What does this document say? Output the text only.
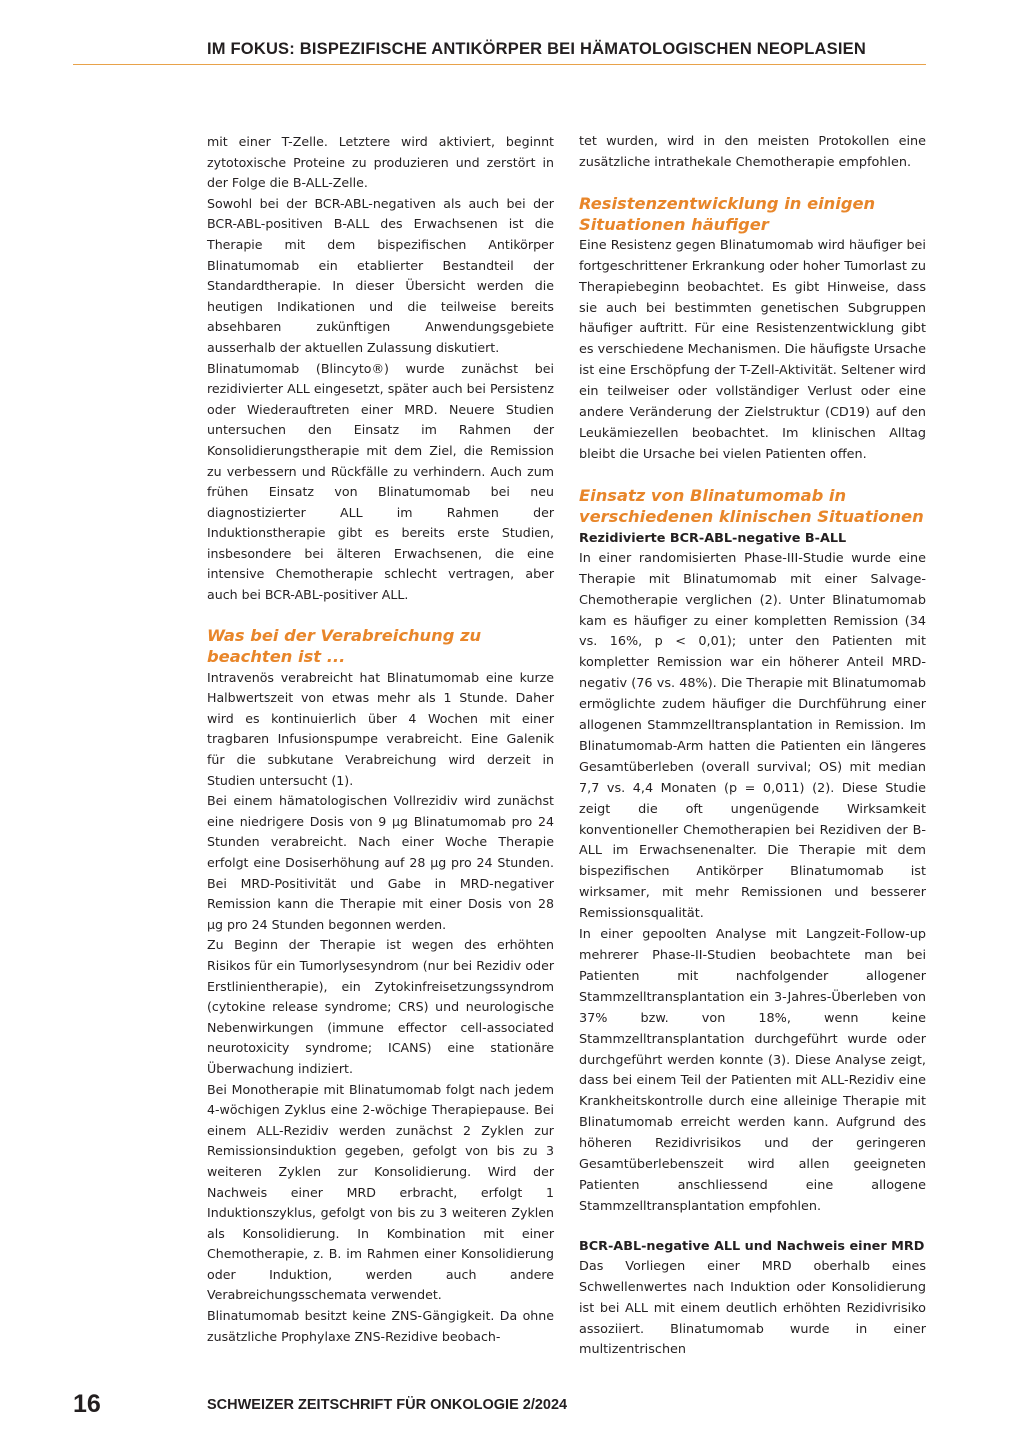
IM FOKUS: BISPEZIFISCHE ANTIKÖRPER BEI HÄMATOLOGISCHEN NEOPLASIEN

mit einer T-Zelle. Letztere wird aktiviert, beginnt zytotoxische Proteine zu produzieren und zerstört in der Folge die B-ALL-Zelle.

Sowohl bei der BCR-ABL-negativen als auch bei der BCR-ABL-positiven B-ALL des Erwachsenen ist die Therapie mit dem bispezifischen Antikörper Blinatumomab ein etablierter Bestandteil der Standardtherapie. In dieser Übersicht werden die heutigen Indikationen und die teilweise bereits absehbaren zukünftigen Anwendungsgebiete ausserhalb der aktuellen Zulassung diskutiert.

Blinatumomab (Blincyto®) wurde zunächst bei rezidivierter ALL eingesetzt, später auch bei Persistenz oder Wiederauftreten einer MRD. Neuere Studien untersuchen den Einsatz im Rahmen der Konsolidierungstherapie mit dem Ziel, die Remission zu verbessern und Rückfälle zu verhindern. Auch zum frühen Einsatz von Blinatumomab bei neu diagnostizierter ALL im Rahmen der Induktionstherapie gibt es bereits erste Studien, insbesondere bei älteren Erwachsenen, die eine intensive Chemotherapie schlecht vertragen, aber auch bei BCR-ABL-positiver ALL.

Was bei der Verabreichung zu beachten ist ...

Intravenös verabreicht hat Blinatumomab eine kurze Halbwertszeit von etwas mehr als 1 Stunde. Daher wird es kontinuierlich über 4 Wochen mit einer tragbaren Infusionspumpe verabreicht. Eine Galenik für die subkutane Verabreichung wird derzeit in Studien untersucht (1).

Bei einem hämatologischen Vollrezidiv wird zunächst eine niedrigere Dosis von 9 µg Blinatumomab pro 24 Stunden verabreicht. Nach einer Woche Therapie erfolgt eine Dosiserhöhung auf 28 µg pro 24 Stunden. Bei MRD-Positivität und Gabe in MRD-negativer Remission kann die Therapie mit einer Dosis von 28 µg pro 24 Stunden begonnen werden.

Zu Beginn der Therapie ist wegen des erhöhten Risikos für ein Tumorlysesyndrom (nur bei Rezidiv oder Erstlinientherapie), ein Zytokinfreisetzungssyndrom (cytokine release syndrome; CRS) und neurologische Nebenwirkungen (immune effector cell-associated neurotoxicity syndrome; ICANS) eine stationäre Überwachung indiziert.

Bei Monotherapie mit Blinatumomab folgt nach jedem 4-wöchigen Zyklus eine 2-wöchige Therapiepause. Bei einem ALL-Rezidiv werden zunächst 2 Zyklen zur Remissionsinduktion gegeben, gefolgt von bis zu 3 weiteren Zyklen zur Konsolidierung. Wird der Nachweis einer MRD erbracht, erfolgt 1 Induktionszyklus, gefolgt von bis zu 3 weiteren Zyklen als Konsolidierung. In Kombination mit einer Chemotherapie, z. B. im Rahmen einer Konsolidierung oder Induktion, werden auch andere Verabreichungsschemata verwendet.

Blinatumomab besitzt keine ZNS-Gängigkeit. Da ohne zusätzliche Prophylaxe ZNS-Rezidive beobach-

tet wurden, wird in den meisten Protokollen eine zusätzliche intrathekale Chemotherapie empfohlen.

Resistenzentwicklung in einigen Situationen häufiger

Eine Resistenz gegen Blinatumomab wird häufiger bei fortgeschrittener Erkrankung oder hoher Tumorlast zu Therapiebeginn beobachtet. Es gibt Hinweise, dass sie auch bei bestimmten genetischen Subgruppen häufiger auftritt. Für eine Resistenzentwicklung gibt es verschiedene Mechanismen. Die häufigste Ursache ist eine Erschöpfung der T-Zell-Aktivität. Seltener wird ein teilweiser oder vollständiger Verlust oder eine andere Veränderung der Zielstruktur (CD19) auf den Leukämiezellen beobachtet. Im klinischen Alltag bleibt die Ursache bei vielen Patienten offen.

Einsatz von Blinatumomab in verschiedenen klinischen Situationen
Rezidivierte BCR-ABL-negative B-ALL

In einer randomisierten Phase-III-Studie wurde eine Therapie mit Blinatumomab mit einer Salvage-Chemotherapie verglichen (2). Unter Blinatumomab kam es häufiger zu einer kompletten Remission (34 vs. 16%, p < 0,01); unter den Patienten mit kompletter Remission war ein höherer Anteil MRD-negativ (76 vs. 48%). Die Therapie mit Blinatumomab ermöglichte zudem häufiger die Durchführung einer allogenen Stammzelltransplantation in Remission. Im Blinatumomab-Arm hatten die Patienten ein längeres Gesamtüberleben (overall survival; OS) mit median 7,7 vs. 4,4 Monaten (p = 0,011) (2). Diese Studie zeigt die oft ungenügende Wirksamkeit konventioneller Chemotherapien bei Rezidiven der B-ALL im Erwachsenenalter. Die Therapie mit dem bispezifischen Antikörper Blinatumomab ist wirksamer, mit mehr Remissionen und besserer Remissionsqualität.

In einer gepoolten Analyse mit Langzeit-Follow-up mehrerer Phase-II-Studien beobachtete man bei Patienten mit nachfolgender allogener Stammzelltransplantation ein 3-Jahres-Überleben von 37% bzw. von 18%, wenn keine Stammzelltransplantation durchgeführt wurde oder durchgeführt werden konnte (3). Diese Analyse zeigt, dass bei einem Teil der Patienten mit ALL-Rezidiv eine Krankheitskontrolle durch eine alleinige Therapie mit Blinatumomab erreicht werden kann. Aufgrund des höheren Rezidivrisikos und der geringeren Gesamtüberlebenszeit wird allen geeigneten Patienten anschliessend eine allogene Stammzelltransplantation empfohlen.

BCR-ABL-negative ALL und Nachweis einer MRD

Das Vorliegen einer MRD oberhalb eines Schwellenwertes nach Induktion oder Konsolidierung ist bei ALL mit einem deutlich erhöhten Rezidivrisiko assoziiert. Blinatumomab wurde in einer multizentrischen

16	SCHWEIZER ZEITSCHRIFT FÜR ONKOLOGIE 2/2024
